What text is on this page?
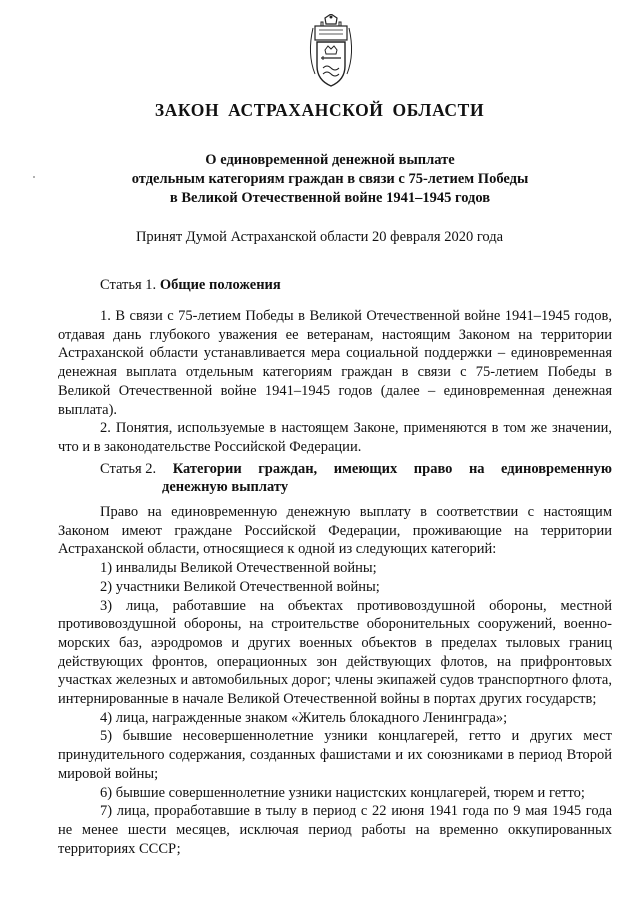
ЗАКОН АСТРАХАНСКОЙ ОБЛАСТИ
О единовременной денежной выплате
отдельным категориям граждан в связи с 75-летием Победы
в Великой Отечественной войне 1941–1945 годов
Принят Думой Астраханской области 20 февраля 2020 года
Статья 1. Общие положения

1. В связи с 75-летием Победы в Великой Отечественной войне 1941–1945 годов, отдавая дань глубокого уважения ее ветеранам, настоящим Законом на территории Астраханской области устанавливается мера социальной поддержки – единовременная денежная выплата отдельным категориям граждан в связи с 75-летием Победы в Великой Отечественной войне 1941–1945 годов (далее – единовременная денежная выплата).

2. Понятия, используемые в настоящем Законе, применяются в том же значении, что и в законодательстве Российской Федерации.

Статья 2. Категории граждан, имеющих право на единовременную
денежную выплату

Право на единовременную денежную выплату в соответствии с настоящим Законом имеют граждане Российской Федерации, проживающие на территории Астраханской области, относящиеся к одной из следующих категорий:

1) инвалиды Великой Отечественной войны;

2) участники Великой Отечественной войны;

3) лица, работавшие на объектах противовоздушной обороны, местной противовоздушной обороны, на строительстве оборонительных сооружений, военно-морских баз, аэродромов и других военных объектов в пределах тыловых границ действующих фронтов, операционных зон действующих флотов, на прифронтовых участках железных и автомобильных дорог; члены экипажей судов транспортного флота, интернированные в начале Великой Отечественной войны в портах других государств;

4) лица, награжденные знаком «Житель блокадного Ленинграда»;

5) бывшие несовершеннолетние узники концлагерей, гетто и других мест принудительного содержания, созданных фашистами и их союзниками в период Второй мировой войны;

6) бывшие совершеннолетние узники нацистских концлагерей, тюрем и гетто;

7) лица, проработавшие в тылу в период с 22 июня 1941 года по 9 мая 1945 года не менее шести месяцев, исключая период работы на временно оккупированных территориях СССР;
